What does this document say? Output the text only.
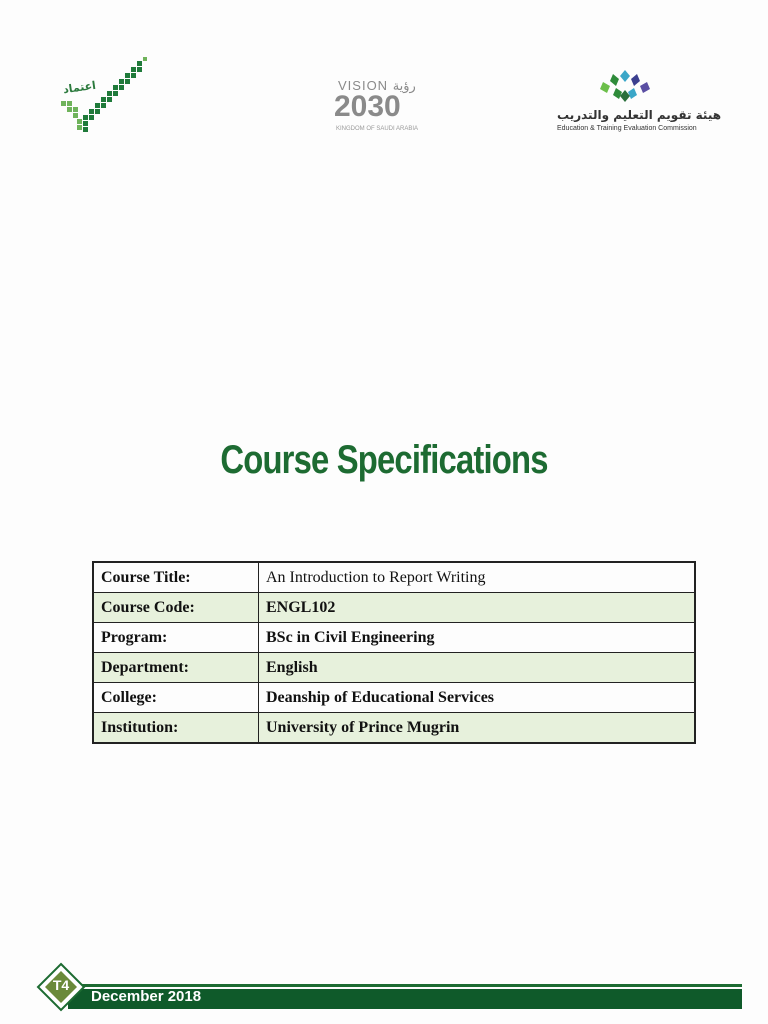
اعتماد	VISION رؤية
2030
KINGDOM OF SAUDI ARABIA
هيئة تقويم التعليم والتدريب
Education & Training Evaluation Commission
Course Specifications
Course Title:	An Introduction to Report Writing
Course Code:	ENGL102
Program:	BSc in Civil Engineering
Department:	English
College:	Deanship of Educational Services
Institution:	University of Prince Mugrin
December 2018
T4
